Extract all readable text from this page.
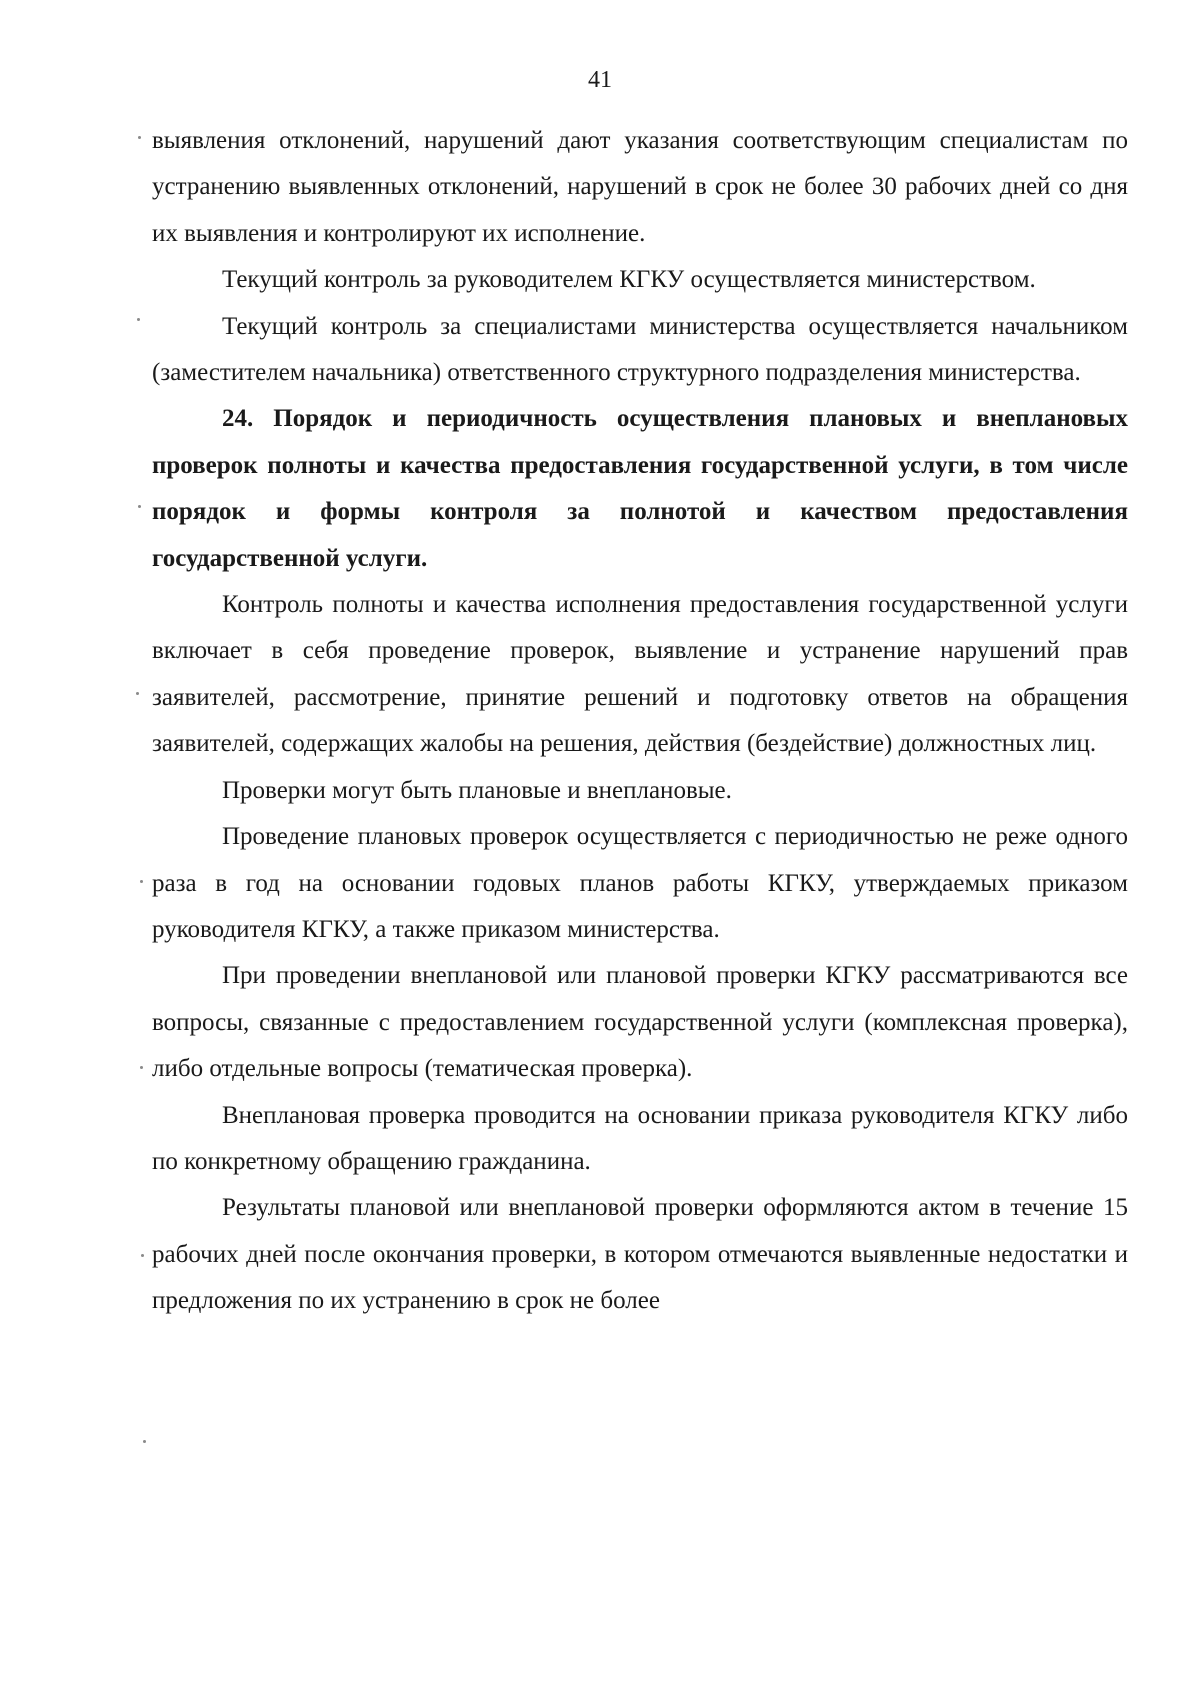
41

выявления отклонений, нарушений дают указания соответствующим специалистам по устранению выявленных отклонений, нарушений в срок не более 30 рабочих дней со дня их выявления и контролируют их исполнение.

Текущий контроль за руководителем КГКУ осуществляется министерством.

Текущий контроль за специалистами министерства осуществляется начальником (заместителем начальника) ответственного структурного подразделения министерства.

24. Порядок и периодичность осуществления плановых и внеплановых проверок полноты и качества предоставления государственной услуги, в том числе порядок и формы контроля за полнотой и качеством предоставления государственной услуги.

Контроль полноты и качества исполнения предоставления государственной услуги включает в себя проведение проверок, выявление и устранение нарушений прав заявителей, рассмотрение, принятие решений и подготовку ответов на обращения заявителей, содержащих жалобы на решения, действия (бездействие) должностных лиц.

Проверки могут быть плановые и внеплановые.

Проведение плановых проверок осуществляется с периодичностью не реже одного раза в год на основании годовых планов работы КГКУ, утверждаемых приказом руководителя КГКУ, а также приказом министерства.

При проведении внеплановой или плановой проверки КГКУ рассматриваются все вопросы, связанные с предоставлением государственной услуги (комплексная проверка), либо отдельные вопросы (тематическая проверка).

Внеплановая проверка проводится на основании приказа руководителя КГКУ либо по конкретному обращению гражданина.

Результаты плановой или внеплановой проверки оформляются актом в течение 15 рабочих дней после окончания проверки, в котором отмечаются выявленные недостатки и предложения по их устранению в срок не более
